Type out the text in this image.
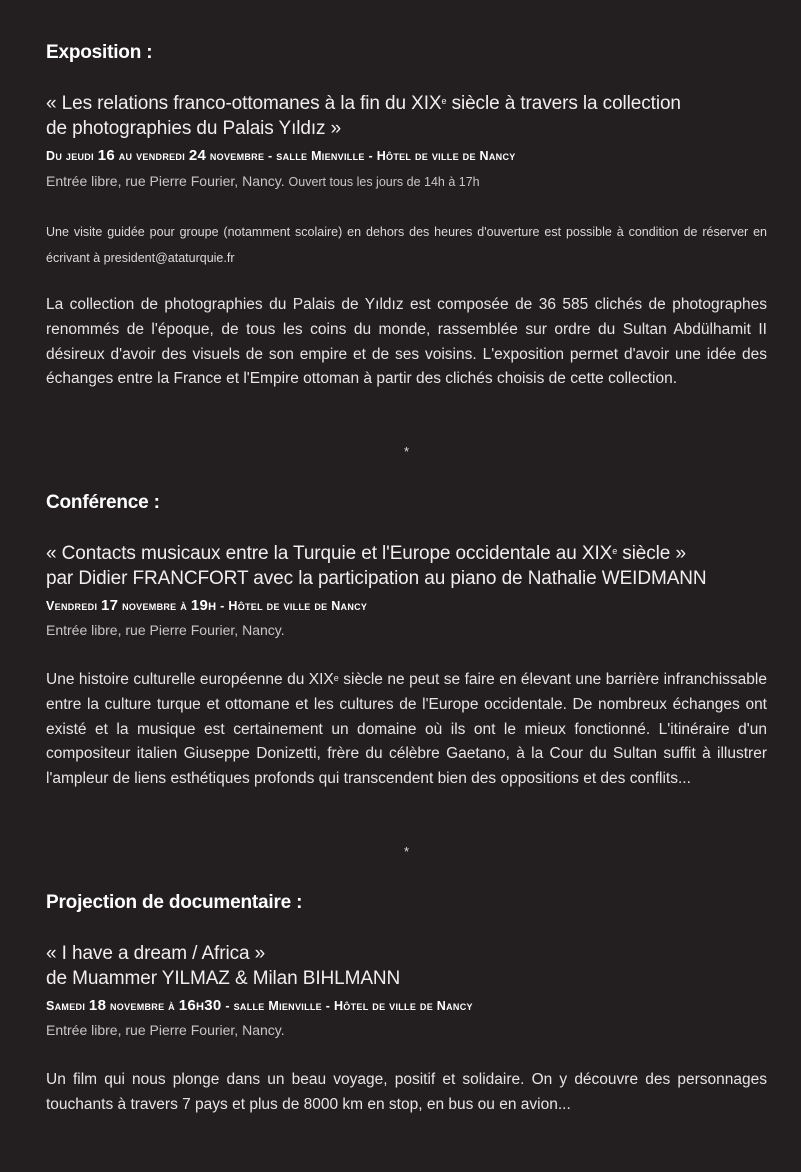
Exposition :
« Les relations franco-ottomanes à la fin du XIXe siècle à travers la collection
de photographies du Palais Yıldız »
Du jeudi 16 au vendredi 24 novembre - salle Mienville - Hôtel de ville de Nancy
Entrée libre, rue Pierre Fourier, Nancy. Ouvert tous les jours de 14h à 17h
Une visite guidée pour groupe (notamment scolaire) en dehors des heures d'ouverture est possible à condition de réserver en écrivant à president@ataturquie.fr
La collection de photographies du Palais de Yıldız est composée de 36 585 clichés de photographes renommés de l'époque, de tous les coins du monde, rassemblée sur ordre du Sultan Abdülhamit II désireux d'avoir des visuels de son empire et de ses voisins. L'exposition permet d'avoir une idée des échanges entre la France et l'Empire ottoman à partir des clichés choisis de cette collection.
*
Conférence :
« Contacts musicaux entre la Turquie et l'Europe occidentale au XIXe siècle »
par Didier FRANCFORT avec la participation au piano de Nathalie WEIDMANN
Vendredi 17 novembre à 19h - Hôtel de ville de Nancy
Entrée libre, rue Pierre Fourier, Nancy.
Une histoire culturelle européenne du XIXe siècle ne peut se faire en élevant une barrière infranchissable entre la culture turque et ottomane et les cultures de l'Europe occidentale. De nombreux échanges ont existé et la musique est certainement un domaine où ils ont le mieux fonctionné. L'itinéraire d'un compositeur italien Giuseppe Donizetti, frère du célèbre Gaetano, à la Cour du Sultan suffit à illustrer l'ampleur de liens esthétiques profonds qui transcendent bien des oppositions et des conflits...
*
Projection de documentaire :
« I have a dream / Africa »
de Muammer YILMAZ & Milan BIHLMANN
Samedi 18 novembre à 16h30 - salle Mienville - Hôtel de ville de Nancy
Entrée libre, rue Pierre Fourier, Nancy.
Un film qui nous plonge dans un beau voyage, positif et solidaire. On y découvre des personnages touchants à travers 7 pays et plus de 8000 km en stop, en bus ou en avion...
